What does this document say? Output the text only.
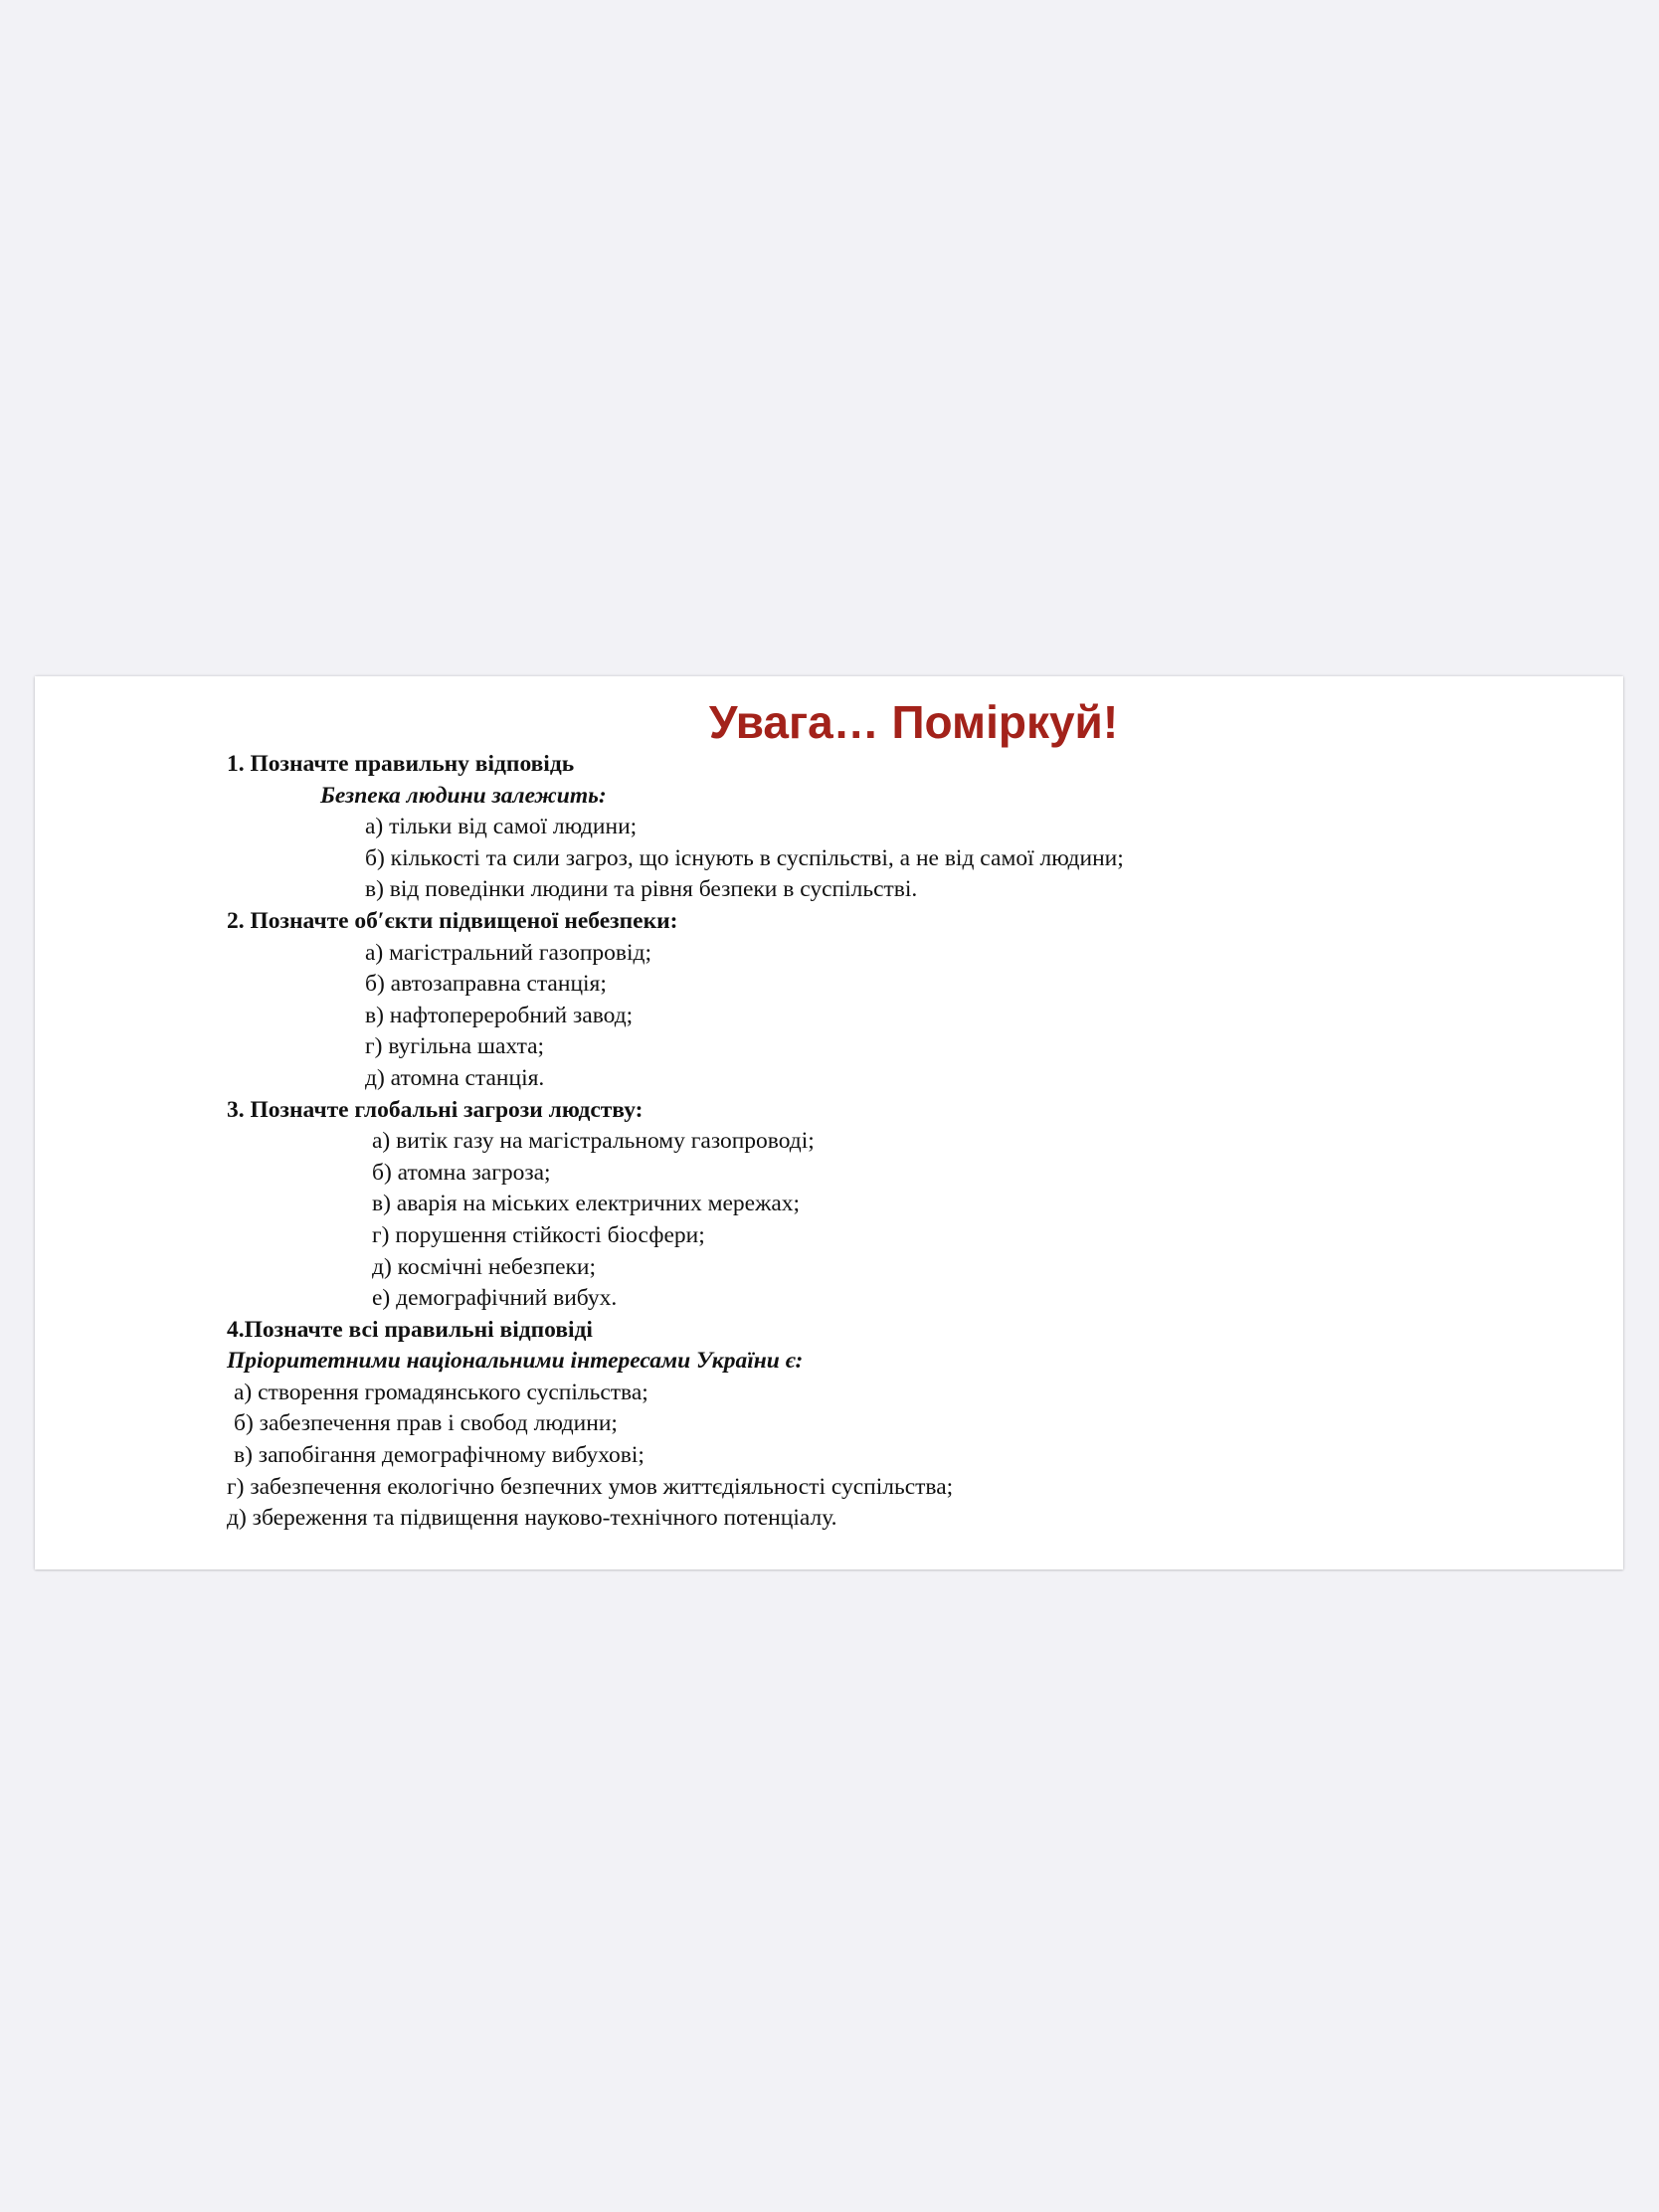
Увага… Поміркуй!
1. Позначте правильну відповідь
Безпека людини залежить:
а) тільки від самої людини;
б) кількості та сили загроз, що існують в суспільстві, а не від самої людини;
в) від поведінки людини та рівня безпеки в суспільстві.
2. Позначте об′єкти підвищеної небезпеки:
а) магістральний газопровід;
б) автозаправна станція;
в) нафтопереробний завод;
г) вугільна шахта;
д) атомна станція.
3. Позначте глобальні загрози людству:
а) витік газу на магістральному газопроводі;
б) атомна загроза;
в) аварія на міських електричних мережах;
г) порушення стійкості біосфери;
д) космічні небезпеки;
е) демографічний вибух.
4.Позначте всі правильні відповіді
Пріоритетними національними інтересами України є:
а) створення громадянського суспільства;
б) забезпечення прав і свобод людини;
в) запобігання демографічному вибухові;
г) забезпечення екологічно безпечних умов життєдіяльності суспільства;
д) збереження та підвищення науково-технічного потенціалу.
